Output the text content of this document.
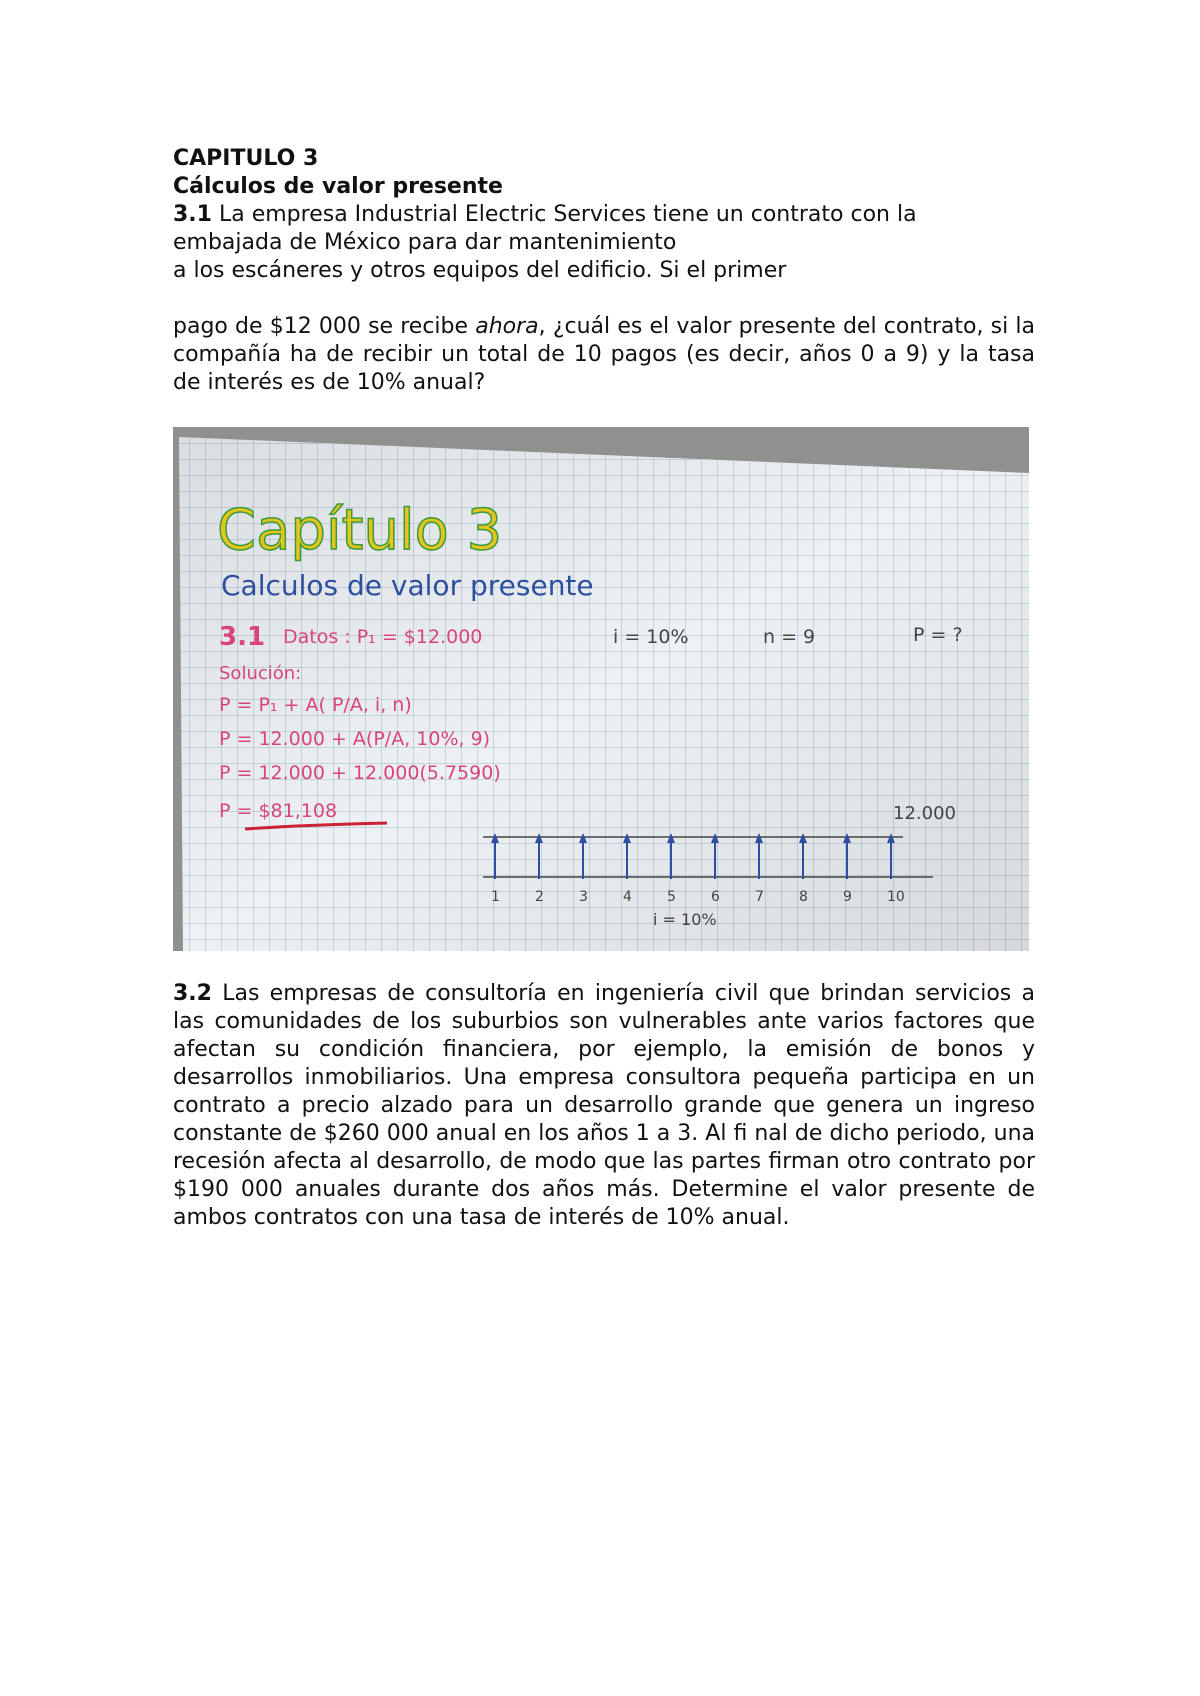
CAPITULO 3
Cálculos de valor presente
3.1 La empresa Industrial Electric Services tiene un contrato con la
embajada de México para dar mantenimiento
a los escáneres y otros equipos del edificio. Si el primer
pago de $12 000 se recibe ahora, ¿cuál es el valor presente del contrato, si la compañía ha de recibir un total de 10 pagos (es decir, años 0 a 9) y la tasa de interés es de 10% anual?
Capítulo 3
Calculos de valor presente
3.1 Datos : P₁ = $12.000	i = 10%	n = 9	P = ?
Solución:
P = P₁ + A( P/A, i, n)
P = 12.000 + A(P/A, 10%, 9)
P = 12.000 + 12.000(5.7590)
P = $81,108	12.000
1	2	3	4	5	6	7	8	9	10
i = 10%
3.2 Las empresas de consultoría en ingeniería civil que brindan servicios a las comunidades de los suburbios son vulnerables ante varios factores que afectan su condición financiera, por ejemplo, la emisión de bonos y desarrollos inmobiliarios. Una empresa consultora pequeña participa en un contrato a precio alzado para un desarrollo grande que genera un ingreso constante de $260 000 anual en los años 1 a 3. Al fi nal de dicho periodo, una recesión afecta al desarrollo, de modo que las partes firman otro contrato por $190 000 anuales durante dos años más. Determine el valor presente de ambos contratos con una tasa de interés de 10% anual.
